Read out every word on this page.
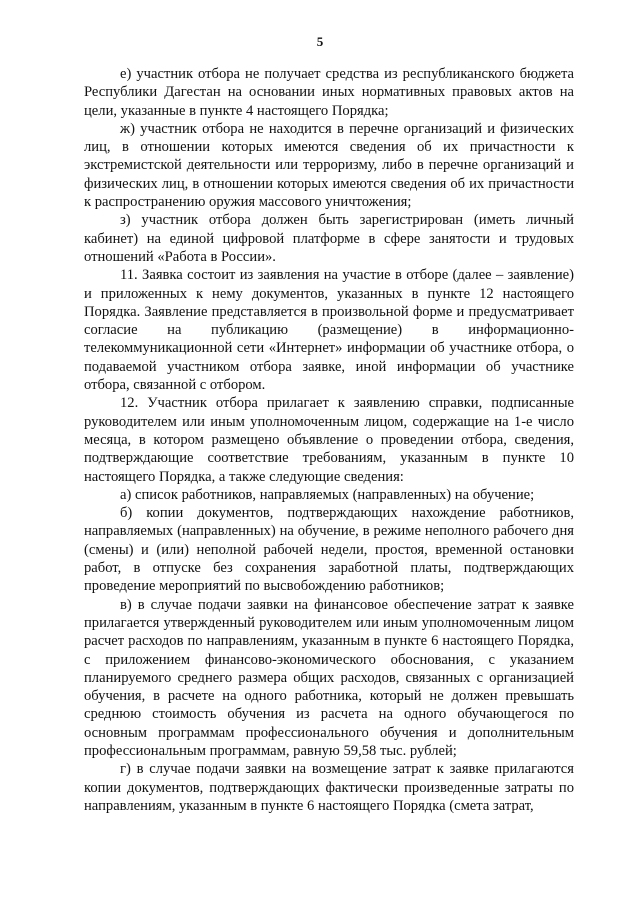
5

е) участник отбора не получает средства из республиканского бюджета Республики Дагестан на основании иных нормативных правовых актов на цели, указанные в пункте 4 настоящего Порядка;

ж) участник отбора не находится в перечне организаций и физических лиц, в отношении которых имеются сведения об их причастности к экстремистской деятельности или терроризму, либо в перечне организаций и физических лиц, в отношении которых имеются сведения об их причастности к распространению оружия массового уничтожения;

з) участник отбора должен быть зарегистрирован (иметь личный кабинет) на единой цифровой платформе в сфере занятости и трудовых отношений «Работа в России».

11. Заявка состоит из заявления на участие в отборе (далее – заявление) и приложенных к нему документов, указанных в пункте 12 настоящего Порядка. Заявление представляется в произвольной форме и предусматривает согласие на публикацию (размещение) в информационно-телекоммуникационной сети «Интернет» информации об участнике отбора, о подаваемой участником отбора заявке, иной информации об участнике отбора, связанной с отбором.

12. Участник отбора прилагает к заявлению справки, подписанные руководителем или иным уполномоченным лицом, содержащие на 1-е число месяца, в котором размещено объявление о проведении отбора, сведения, подтверждающие соответствие требованиям, указанным в пункте 10 настоящего Порядка, а также следующие сведения:

а) список работников, направляемых (направленных) на обучение;

б) копии документов, подтверждающих нахождение работников, направляемых (направленных) на обучение, в режиме неполного рабочего дня (смены) и (или) неполной рабочей недели, простоя, временной остановки работ, в отпуске без сохранения заработной платы, подтверждающих проведение мероприятий по высвобождению работников;

в) в случае подачи заявки на финансовое обеспечение затрат к заявке прилагается утвержденный руководителем или иным уполномоченным лицом расчет расходов по направлениям, указанным в пункте 6 настоящего Порядка, с приложением финансово-экономического обоснования, с указанием планируемого среднего размера общих расходов, связанных с организацией обучения, в расчете на одного работника, который не должен превышать среднюю стоимость обучения из расчета на одного обучающегося по основным программам профессионального обучения и дополнительным профессиональным программам, равную 59,58 тыс. рублей;

г) в случае подачи заявки на возмещение затрат к заявке прилагаются копии документов, подтверждающих фактически произведенные затраты по направлениям, указанным в пункте 6 настоящего Порядка (смета затрат,
